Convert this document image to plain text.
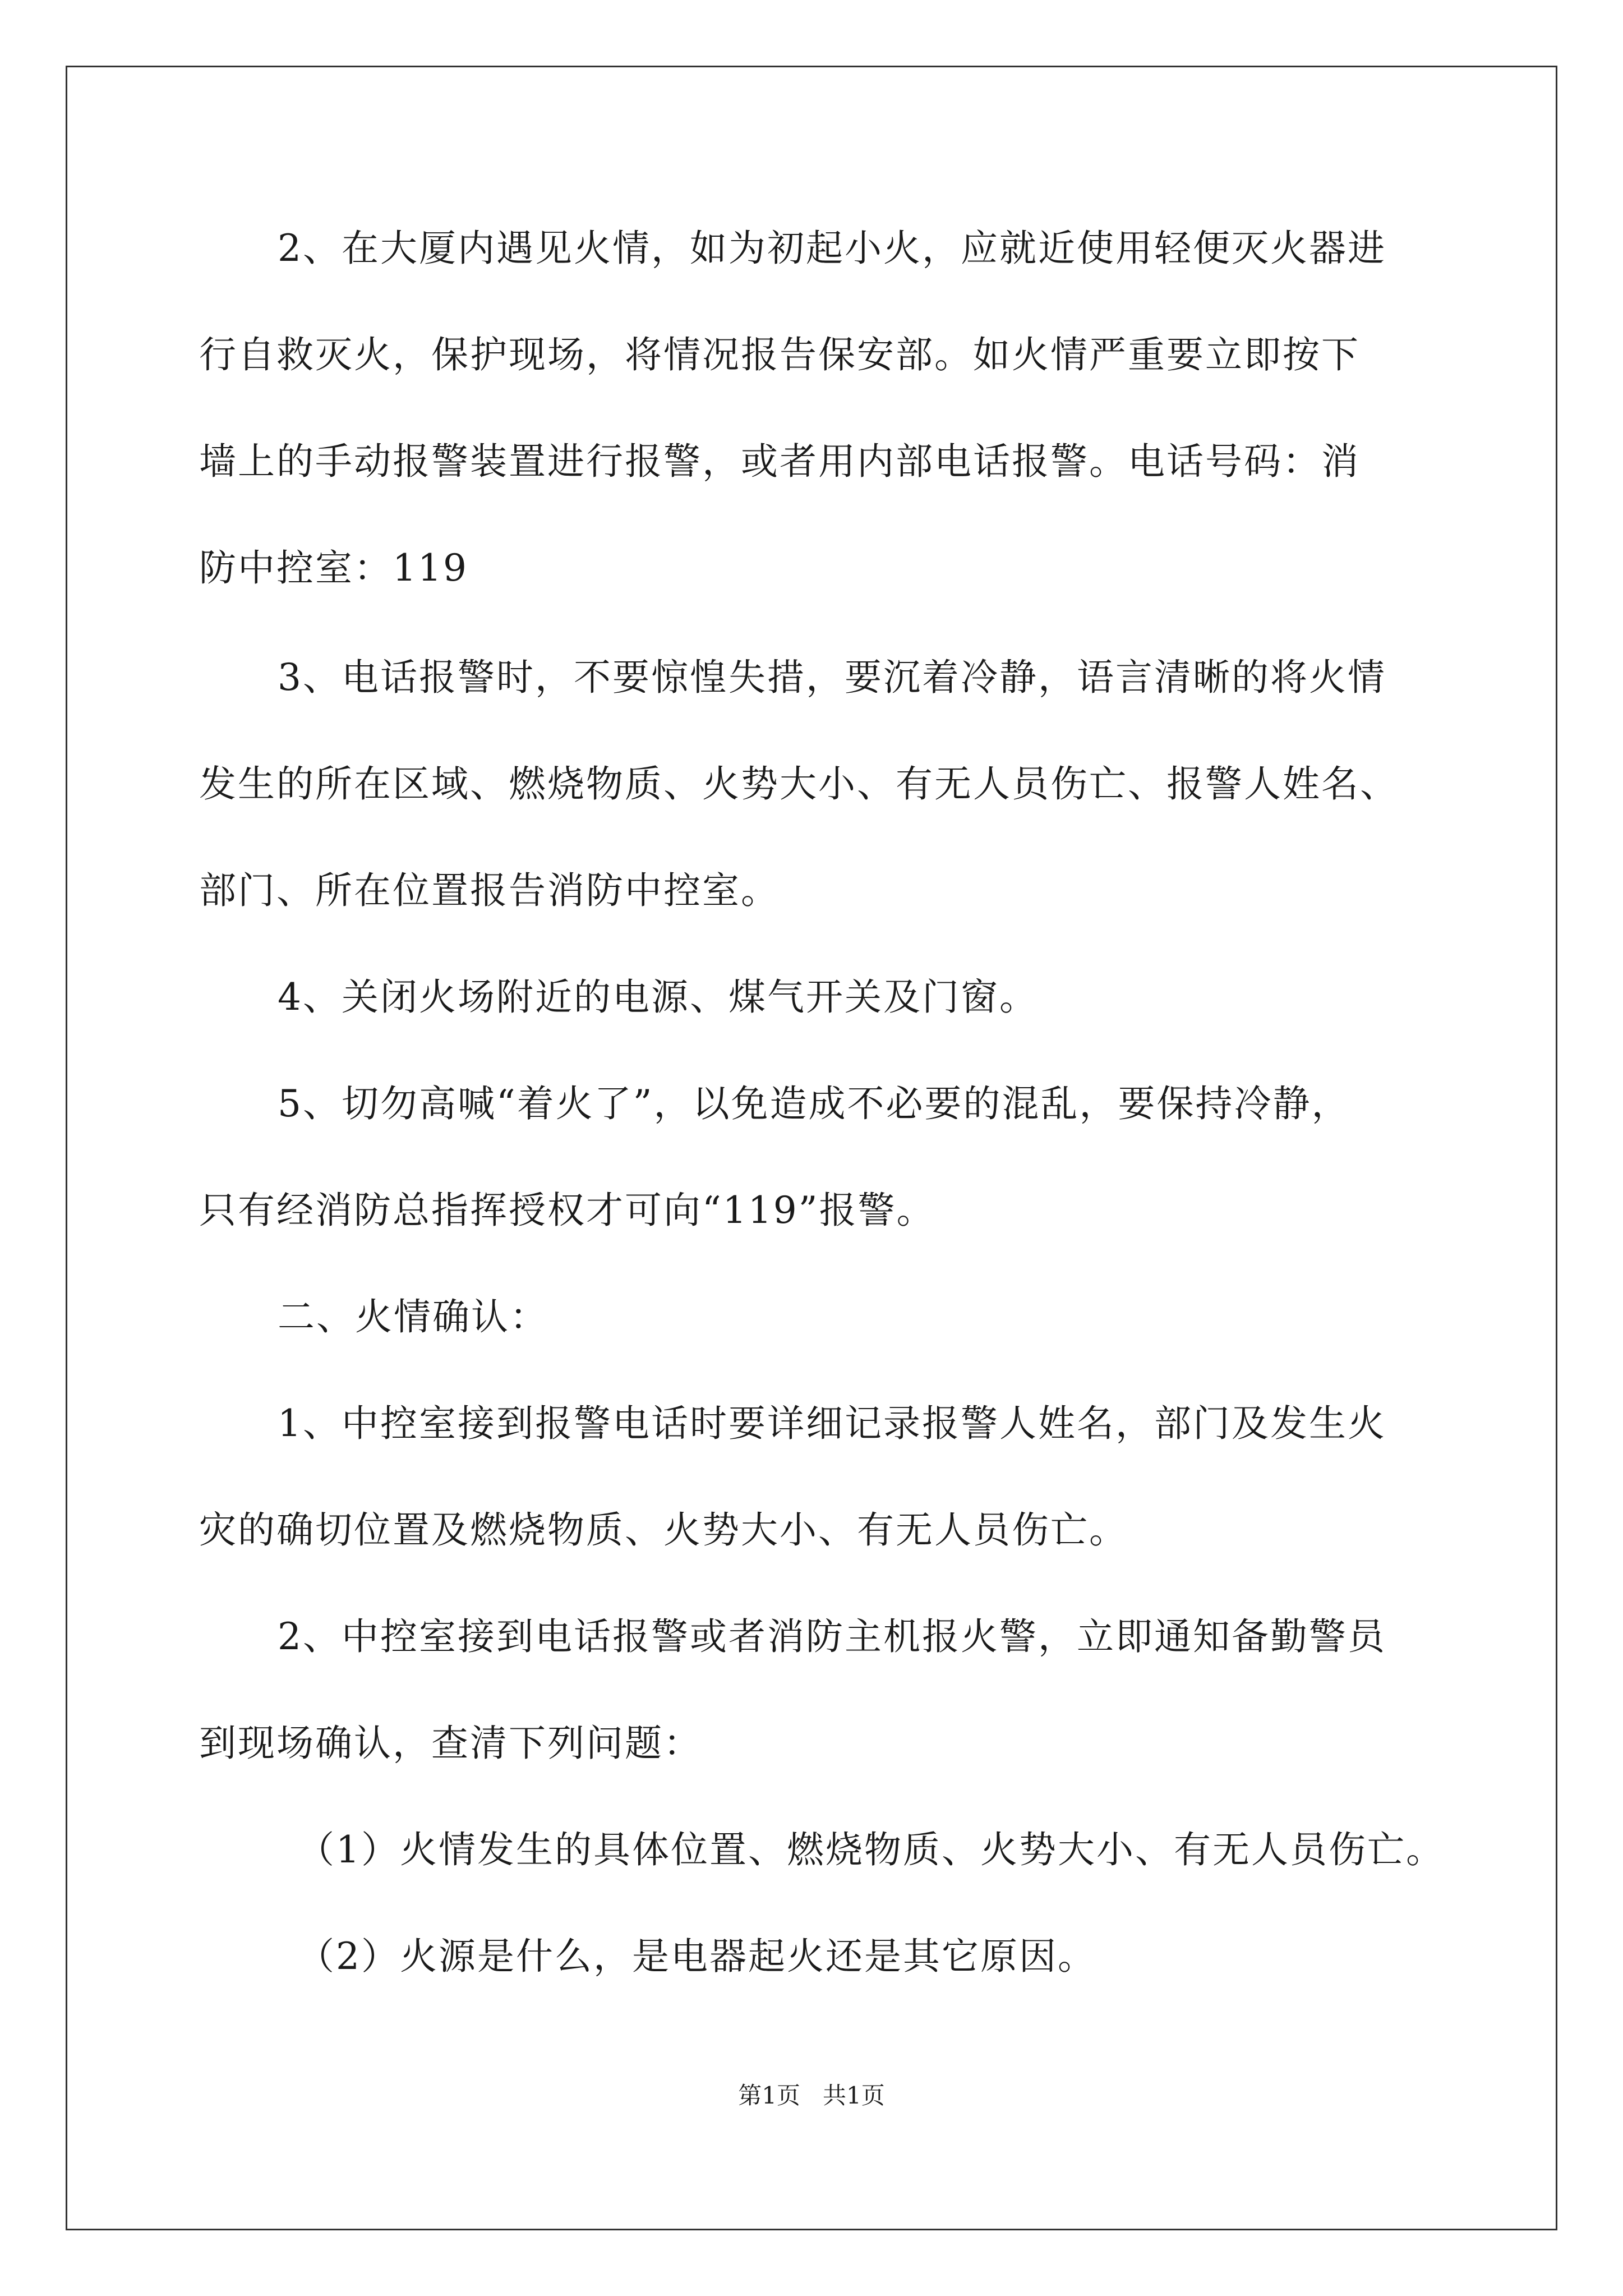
2、在大厦内遇见火情，如为初起小火，应就近使用轻便灭火器进
行自救灭火，保护现场，将情况报告保安部。如火情严重要立即按下
墙上的手动报警装置进行报警，或者用内部电话报警。电话号码：消
防中控室：119
3、电话报警时，不要惊惶失措，要沉着冷静，语言清晰的将火情
发生的所在区域、燃烧物质、火势大小、有无人员伤亡、报警人姓名、
部门、所在位置报告消防中控室。
4、关闭火场附近的电源、煤气开关及门窗。
5、切勿高喊“着火了”，以免造成不必要的混乱，要保持冷静，
只有经消防总指挥授权才可向“119”报警。
二、火情确认：
1、中控室接到报警电话时要详细记录报警人姓名，部门及发生火
灾的确切位置及燃烧物质、火势大小、有无人员伤亡。
2、中控室接到电话报警或者消防主机报火警，立即通知备勤警员
到现场确认，查清下列问题：
（1）火情发生的具体位置、燃烧物质、火势大小、有无人员伤亡。
（2）火源是什么，是电器起火还是其它原因。
第1页   共1页
